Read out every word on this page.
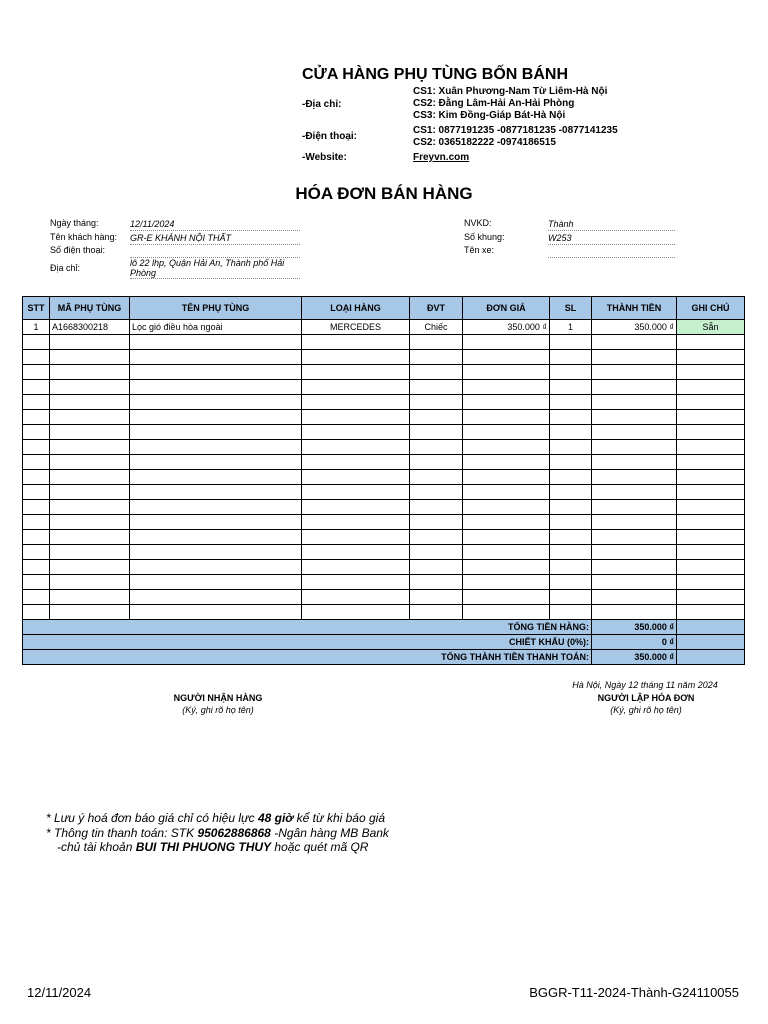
CỬA HÀNG PHỤ TÙNG BỐN BÁNH
-Địa chỉ:
CS1: Xuân Phương-Nam Từ Liêm-Hà Nội
CS2: Đằng Lâm-Hải An-Hải Phòng
CS3: Kim Đồng-Giáp Bát-Hà Nội
-Điện thoại:
CS1: 0877191235 -0877181235 -0877141235
CS2: 0365182222 -0974186515
-Website:	Freyvn.com
HÓA ĐƠN BÁN HÀNG
Ngày tháng:	12/11/2024
Tên khách hàng: GR-E KHÁNH NỘI THẤT
Số điện thoại:
Địa chỉ:	lô 22 lhp, Quận Hải An, Thành phố Hải Phòng
NVKD:	Thành
Số khung:	W253
Tên xe:
STT	MÃ PHỤ TÙNG	TÊN PHỤ TÙNG	LOẠI HÀNG	ĐVT	ĐƠN GIÁ	SL	THÀNH TIỀN	GHI CHÚ
1	A1668300218	Lọc gió điều hòa ngoài	MERCEDES	Chiếc	350.000 ₫	1	350.000 ₫	Sẵn

TỔNG TIỀN HÀNG:							350.000 ₫	
CHIẾT KHẤU (0%):							0 ₫	
TỔNG THÀNH TIỀN THANH TOÁN:							350.000 ₫	
Hà Nội, Ngày 12 tháng 11 năm 2024
NGƯỜI NHẬN HÀNG
(Ký, ghi rõ họ tên)
NGƯỜI LẬP HÓA ĐƠN
(Ký, ghi rõ họ tên)
* Lưu ý hoá đơn báo giá chỉ có hiệu lực 48 giờ kể từ khi báo giá
* Thông tin thanh toán: STK 95062886868 -Ngân hàng MB Bank
-chủ tài khoản BUI THI PHUONG THUY hoặc quét mã QR
12/11/2024	BGGR-T11-2024-Thành-G24110055
